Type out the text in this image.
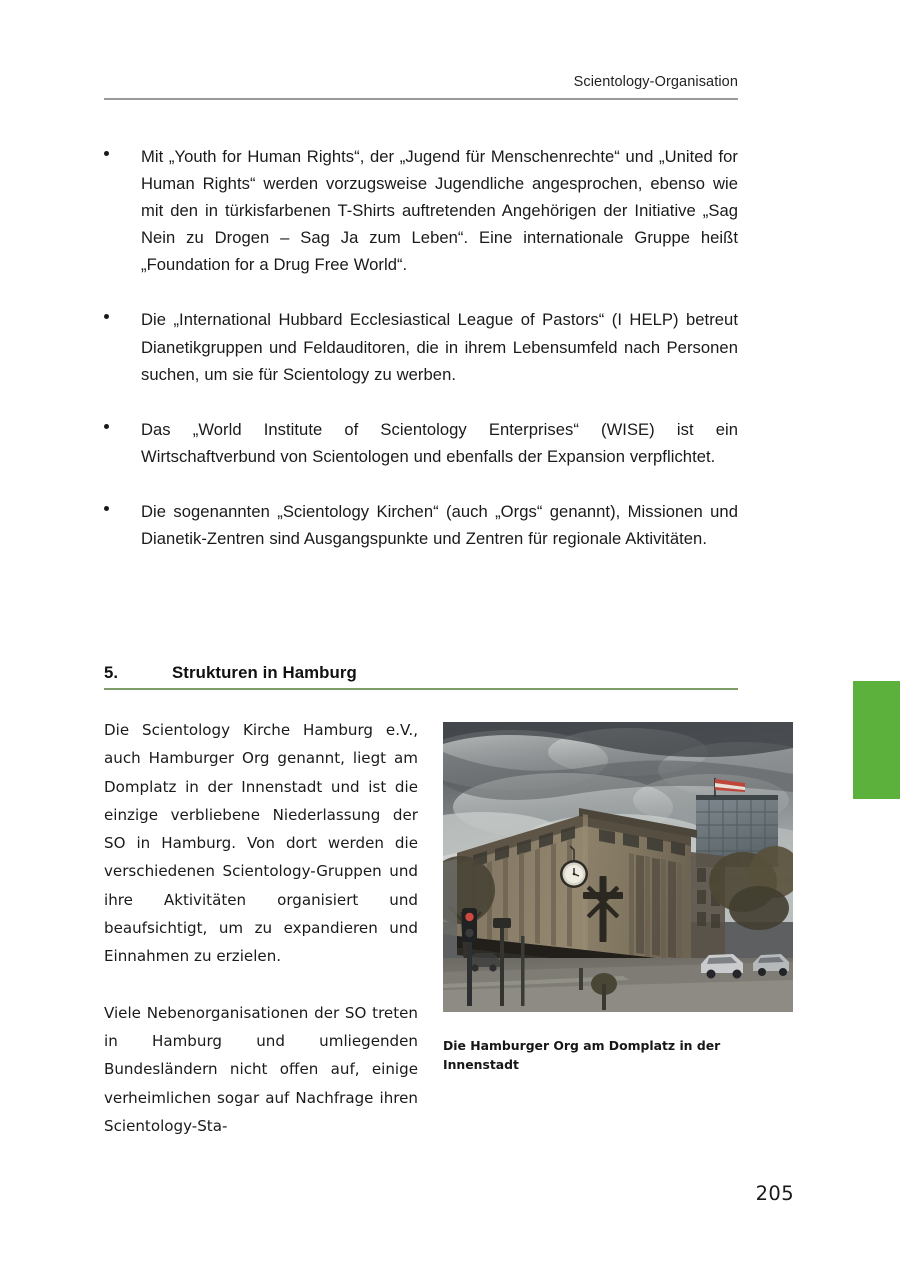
Scientology-Organisation
Mit „Youth for Human Rights“, der „Jugend für Menschenrechte“ und „United for Human Rights“ werden vorzugsweise Jugendliche angesprochen, ebenso wie mit den in türkisfarbenen T-Shirts auftretenden Angehörigen der Initiative „Sag Nein zu Drogen – Sag Ja zum Leben“. Eine internationale Gruppe heißt „Foundation for a Drug Free World“.
Die „International Hubbard Ecclesiastical League of Pastors“ (I HELP) betreut Dianetikgruppen und Feldauditoren, die in ihrem Lebensumfeld nach Personen suchen, um sie für Scientology zu werben.
Das „World Institute of Scientology Enterprises“ (WISE) ist ein Wirtschaftverbund von Scientologen und ebenfalls der Expansion verpflichtet.
Die sogenannten „Scientology Kirchen“ (auch „Orgs“ genannt), Missionen und Dianetik-Zentren sind Ausgangspunkte und Zentren für regionale Aktivitäten.
5.	Strukturen in Hamburg
Die Scientology Kirche Hamburg e.V., auch Hamburger Org genannt, liegt am Domplatz in der Innenstadt und ist die einzige verbliebene Niederlassung der SO in Hamburg. Von dort werden die verschiedenen Scientology-Gruppen und ihre Aktivitäten organisiert und beaufsichtigt, um zu expandieren und Einnahmen zu erzielen.
Viele Nebenorganisationen der SO treten in Hamburg und umliegenden Bundesländern nicht offen auf, einige verheimlichen sogar auf Nachfrage ihren Scientology-Sta-
Die Hamburger Org am Domplatz in der Innenstadt
205
